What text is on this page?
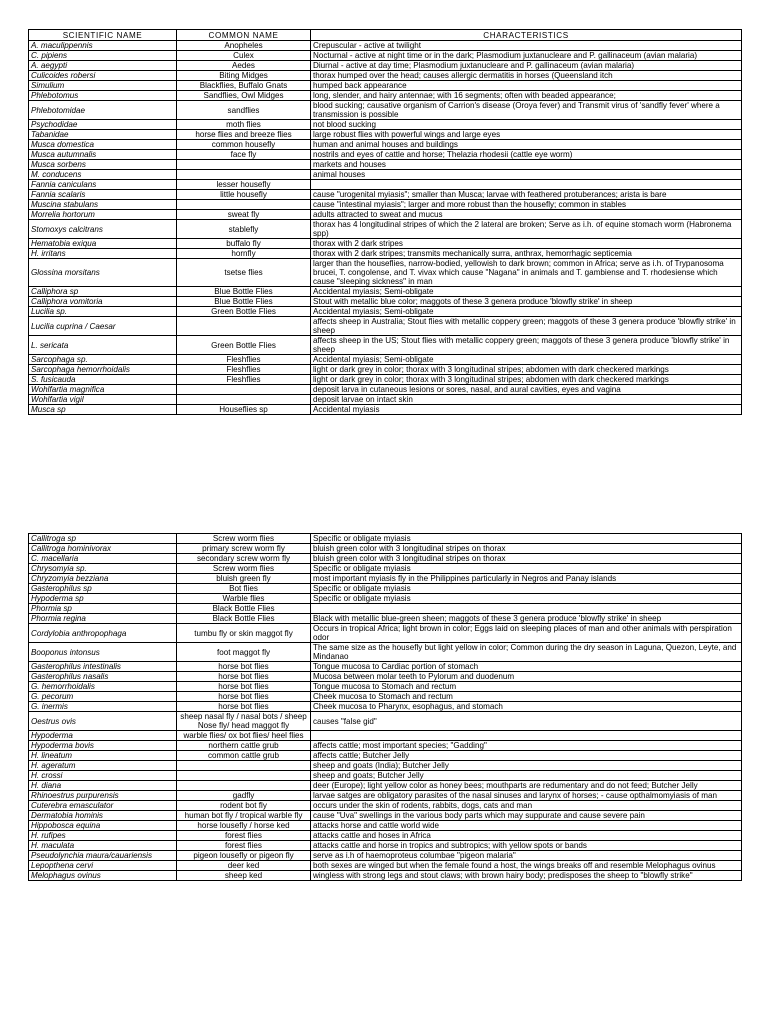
SCIENTIFIC NAME	COMMON NAME	CHARACTERISTICS
A. maculippennis	Anopheles	Crepuscular - active at twilight
C. pipiens	Culex	Nocturnal - active at night time or in the dark; Plasmodium juxtanucleare and P. gallinaceum (avian malaria)
A. aegypti	Aedes	Diurnal - active at day time; Plasmodium juxtanucleare and P. gallinaceum (avian malaria)
Culicoides robersi	Biting Midges	thorax humped over the head; causes allergic dermatitis in horses (Queensland itch
Simulium	Blackflies, Buffalo Gnats	humped back appearance
Phlebotomus	Sandflies, Owl Midges	long, slender, and hairy antennae; with 16 segments; often with beaded appearance;
Phlebotomidae	sandflies	blood sucking; causative organism of Carrion's disease (Oroya fever) and Transmit virus of 'sandfly fever' where a transmission is possible
Psychodidae	moth flies	not blood sucking
Tabanidae	horse flies and breeze flies	large robust flies with powerful wings and large eyes
Musca domestica	common housefly	human and animal houses and buildings
Musca autumnalis	face fly	nostrils and eyes of cattle and horse; Thelazia rhodesii (cattle eye worm)
Musca sorbens		markets and houses
M. conducens		animal houses
Fannia caniculans	lesser housefly	
Fannia scalaris	little housefly	cause "urogenital myiasis"; smaller than Musca; larvae with feathered protuberances; arista is bare
Muscina stabulans		cause "intestinal myiasis"; larger and more robust than the housefly; common in stables
Morrelia hortorum	sweat fly	adults attracted to sweat and mucus
Stomoxys calcitrans	stablefly	thorax has 4 longitudinal stripes of which the 2 lateral are broken; Serve as i.h. of equine stomach worm (Habronema spp)
Hematobia exiqua	buffalo fly	thorax with 2 dark stripes
H. irritans	hornfly	thorax with 2 dark stripes; transmits mechanically surra, anthrax, hemorrhagic septicemia
Glossina morsitans	tsetse flies	larger than the houseflies, narrow-bodied, yellowish to dark brown; common in Africa; serve as i.h. of Trypanosoma brucei, T. congolense, and T. vivax which cause "Nagana" in animals and T. gambiense and T. rhodesiense which cause "sleeping sickness" in man
Calliphora sp	Blue Bottle Flies	Accidental myiasis; Semi-obligate
Calliphora vomitoria	Blue Bottle Flies	Stout with metallic blue color; maggots of these 3 genera produce 'blowfly strike' in sheep
Lucilia sp.	Green Bottle Flies	Accidental myiasis; Semi-obligate
Lucilia cuprina / Caesar		affects sheep in Australia; Stout flies with metallic coppery green; maggots of these 3 genera produce 'blowfly strike' in sheep
L. sericata	Green Bottle Flies	affects sheep in the US; Stout flies with metallic coppery green; maggots of these 3 genera produce 'blowfly strike' in sheep
Sarcophaga sp.	Fleshflies	Accidental myiasis; Semi-obligate
Sarcophaga hemorrhoidalis	Fleshflies	light or dark grey in color; thorax with 3 longitudinal stripes; abdomen with dark checkered markings
S. fusicauda	Fleshflies	light or dark grey in color; thorax with 3 longitudinal stripes; abdomen with dark checkered markings
Wohlfartia magnifica		deposit larva in cutaneous lesions or sores, nasal, and aural cavities, eyes and vagina
Wohlfartia vigil		deposit larvae on intact skin
Musca sp	Houseflies sp	Accidental myiasis
Callitroga sp	Screw worm flies	Specific or obligate myiasis
Callitroga hominivorax	primary screw worm fly	bluish green color with 3 longitudinal stripes on thorax
C. macellaria	secondary screw worm fly	bluish green color with 3 longitudinal stripes on thorax
Chrysomyia sp.	Screw worm flies	Specific or obligate myiasis
Chryzomyia bezziana	bluish green fly	most important myiasis fly in the Philippines particularly in Negros and Panay islands
Gasterophilus sp	Bot flies	Specific or obligate myiasis
Hypoderma sp	Warble flies	Specific or obligate myiasis
Phormia sp	Black Bottle Flies	
Phormia regina	Black Bottle Flies	Black with metallic blue-green sheen; maggots of these 3 genera produce 'blowfly strike' in sheep
Cordylobia anthropophaga	tumbu fly or skin maggot fly	Occurs in tropical Africa; light brown in color; Eggs laid on sleeping places of man and other animals with perspiration odor
Booponus intonsus	foot maggot fly	The same size as the housefly but light yellow in color; Common during the dry season in Laguna, Quezon, Leyte, and Mindanao
Gasterophilus intestinalis	horse bot flies	Tongue mucosa to Cardiac portion of stomach
Gasterophilus nasalis	horse bot flies	Mucosa between molar teeth to Pylorum and duodenum
G. hemorrhoidalis	horse bot flies	Tongue mucosa to Stomach and rectum
G. pecorum	horse bot flies	Cheek mucosa to Stomach and rectum
G. inermis	horse bot flies	Cheek mucosa to Pharynx, esophagus, and stomach
Oestrus ovis	sheep nasal fly / nasal bots / sheep Nose fly/ head maggot fly	causes "false gid"
Hypoderma	warble flies/ ox bot flies/ heel flies	
Hypoderma bovis	northern cattle grub	affects cattle; most important species; "Gadding"
H. lineatum	common cattle grub	affects cattle; Butcher Jelly
H. ageratum		sheep and goats (India); Butcher Jelly
H. crossi		sheep and goats; Butcher Jelly
H. diana		deer (Europe); light yellow color as honey bees; mouthparts are redumentary and do not feed; Butcher Jelly
Rhinoestrus purpurensis	gadfly	larvae satges are obligatory parasites of the nasal sinuses and larynx of horses; - cause opthalmomyiasis of man
Cuterebra emasculator	rodent bot fly	occurs under the skin of rodents, rabbits, dogs, cats and man
Dermatobia hominis	human bot fly / tropical warble fly	cause "Uva" swellings in the various body parts which may suppurate and cause severe pain
Hippobosca equina	horse lousefly / horse ked	attacks horse and cattle world wide
H. rufipes	forest flies	attacks cattle and hoses in Africa
H. maculata	forest flies	attacks cattle and horse in tropics and subtropics; with yellow spots or bands
Pseudolynchia maura/cauariensis	pigeon lousefly or pigeon fly	serve as i.h of haemoproteus columbae "pigeon malaria"
Lepopthena cervi	deer ked	both sexes are winged but when the female found a host, the wings breaks off and resemble Melophagus ovinus
Melophagus ovinus	sheep ked	wingless with strong legs and stout claws; with brown hairy body; predisposes the sheep to "blowfly strike"
